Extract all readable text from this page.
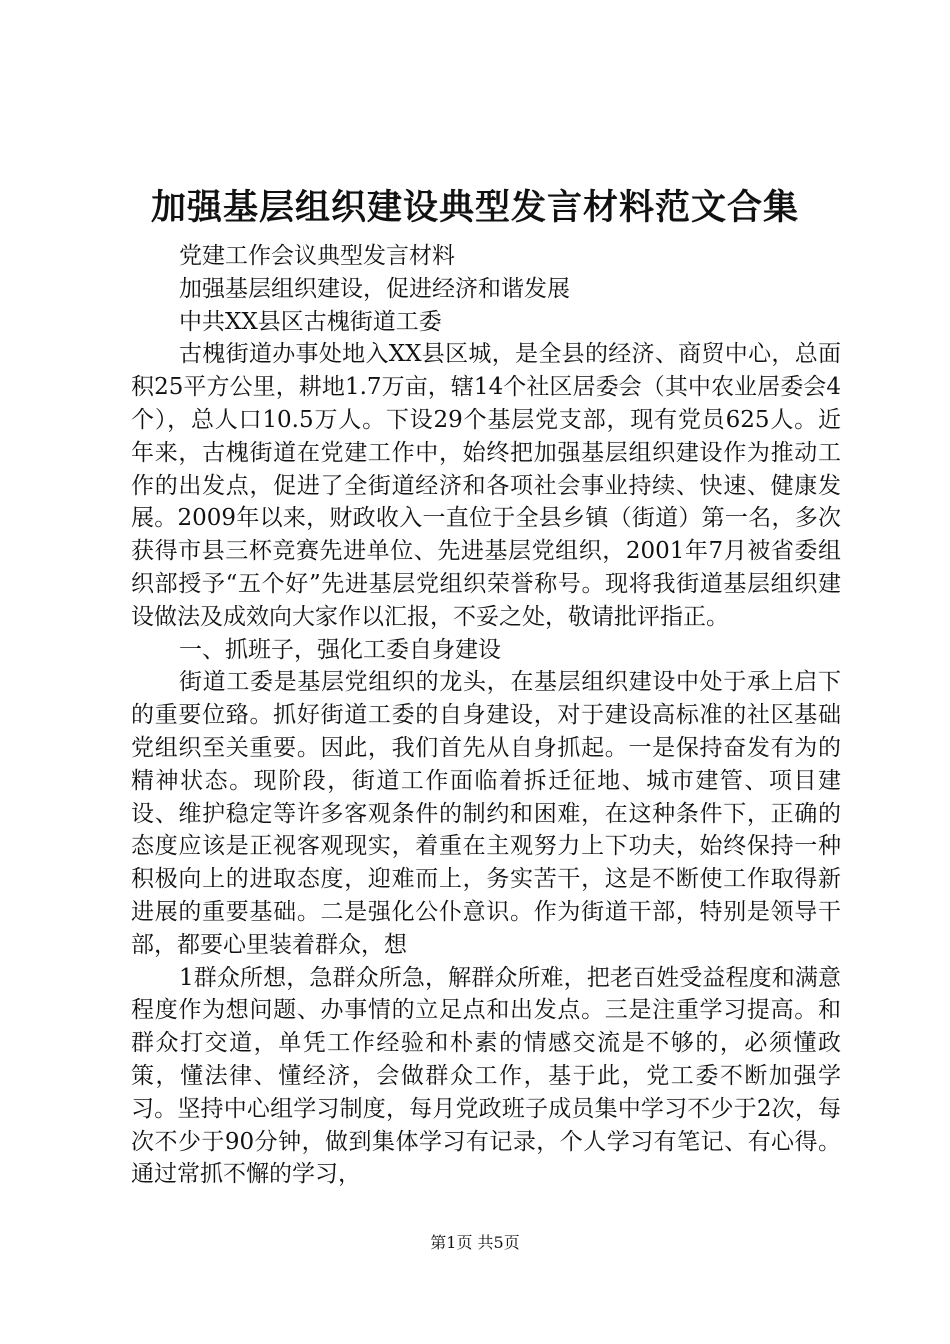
加强基层组织建设典型发言材料范文合集

党建工作会议典型发言材料

加强基层组织建设，促进经济和谐发展

中共XX县区古槐街道工委

古槐街道办事处地入XX县区城，是全县的经济、商贸中心，总面积25平方公里，耕地1.7万亩，辖14个社区居委会（其中农业居委会4个），总人口10.5万人。下设29个基层党支部，现有党员625人。近年来，古槐街道在党建工作中，始终把加强基层组织建设作为推动工作的出发点，促进了全街道经济和各项社会事业持续、快速、健康发展。2009年以来，财政收入一直位于全县乡镇（街道）第一名，多次获得市县三杯竞赛先进单位、先进基层党组织，2001年7月被省委组织部授予“五个好”先进基层党组织荣誉称号。现将我街道基层组织建设做法及成效向大家作以汇报，不妥之处，敬请批评指正。

一、抓班子，强化工委自身建设

街道工委是基层党组织的龙头，在基层组织建设中处于承上启下的重要位臵。抓好街道工委的自身建设，对于建设高标准的社区基础党组织至关重要。因此，我们首先从自身抓起。一是保持奋发有为的精神状态。现阶段，街道工作面临着拆迁征地、城市建管、项目建设、维护稳定等许多客观条件的制约和困难，在这种条件下，正确的态度应该是正视客观现实，着重在主观努力上下功夫，始终保持一种积极向上的进取态度，迎难而上，务实苦干，这是不断使工作取得新进展的重要基础。二是强化公仆意识。作为街道干部，特别是领导干部，都要心里装着群众，想

1群众所想，急群众所急，解群众所难，把老百姓受益程度和满意程度作为想问题、办事情的立足点和出发点。三是注重学习提高。和群众打交道，单凭工作经验和朴素的情感交流是不够的，必须懂政策，懂法律、懂经济，会做群众工作，基于此，党工委不断加强学习。坚持中心组学习制度，每月党政班子成员集中学习不少于2次，每次不少于90分钟，做到集体学习有记录，个人学习有笔记、有心得。通过常抓不懈的学习，

第1页 共5页
